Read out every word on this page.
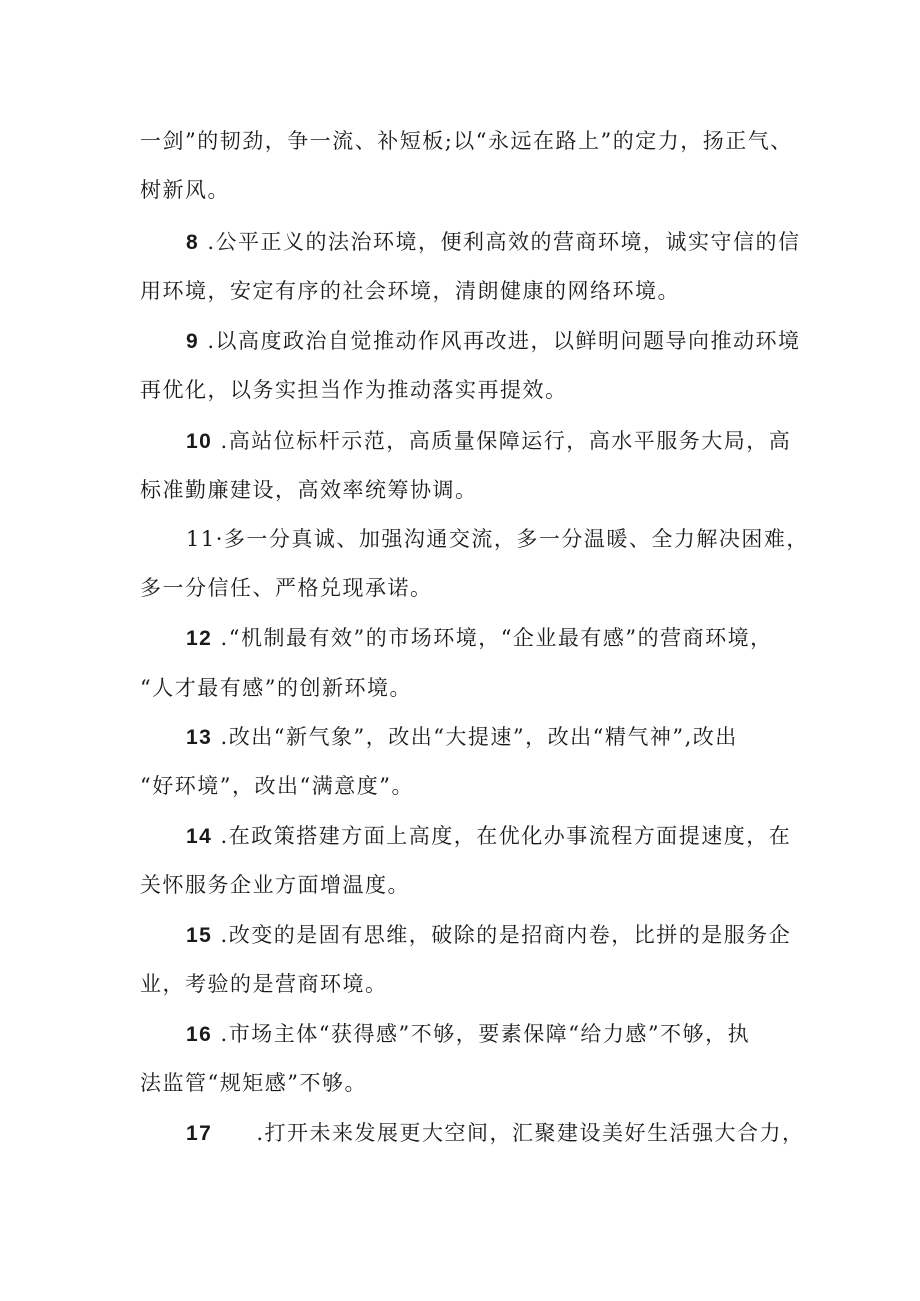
一剑”的韧劲，争一流、补短板;以“永远在路上”的定力，扬正气、
树新风。
8 .公平正义的法治环境，便利高效的营商环境，诚实守信的信
用环境，安定有序的社会环境，清朗健康的网络环境。
9 .以高度政治自觉推动作风再改进，以鲜明问题导向推动环境
再优化，以务实担当作为推动落实再提效。
10 .高站位标杆示范，高质量保障运行，高水平服务大局，高
标准勤廉建设，高效率统筹协调。
11·多一分真诚、加强沟通交流，多一分温暖、全力解决困难，
多一分信任、严格兑现承诺。
12 .“机制最有效”的市场环境，“企业最有感”的营商环境，
“人才最有感”的创新环境。
13 .改出“新气象”，改出“大提速”，改出“精气神”,改出
“好环境”，改出“满意度”。
14 .在政策搭建方面上高度，在优化办事流程方面提速度，在
关怀服务企业方面增温度。
15 .改变的是固有思维，破除的是招商内卷，比拼的是服务企
业，考验的是营商环境。
16 .市场主体“获得感”不够，要素保障“给力感”不够，执
法监管“规矩感”不够。
17 .打开未来发展更大空间，汇聚建设美好生活强大合力，
